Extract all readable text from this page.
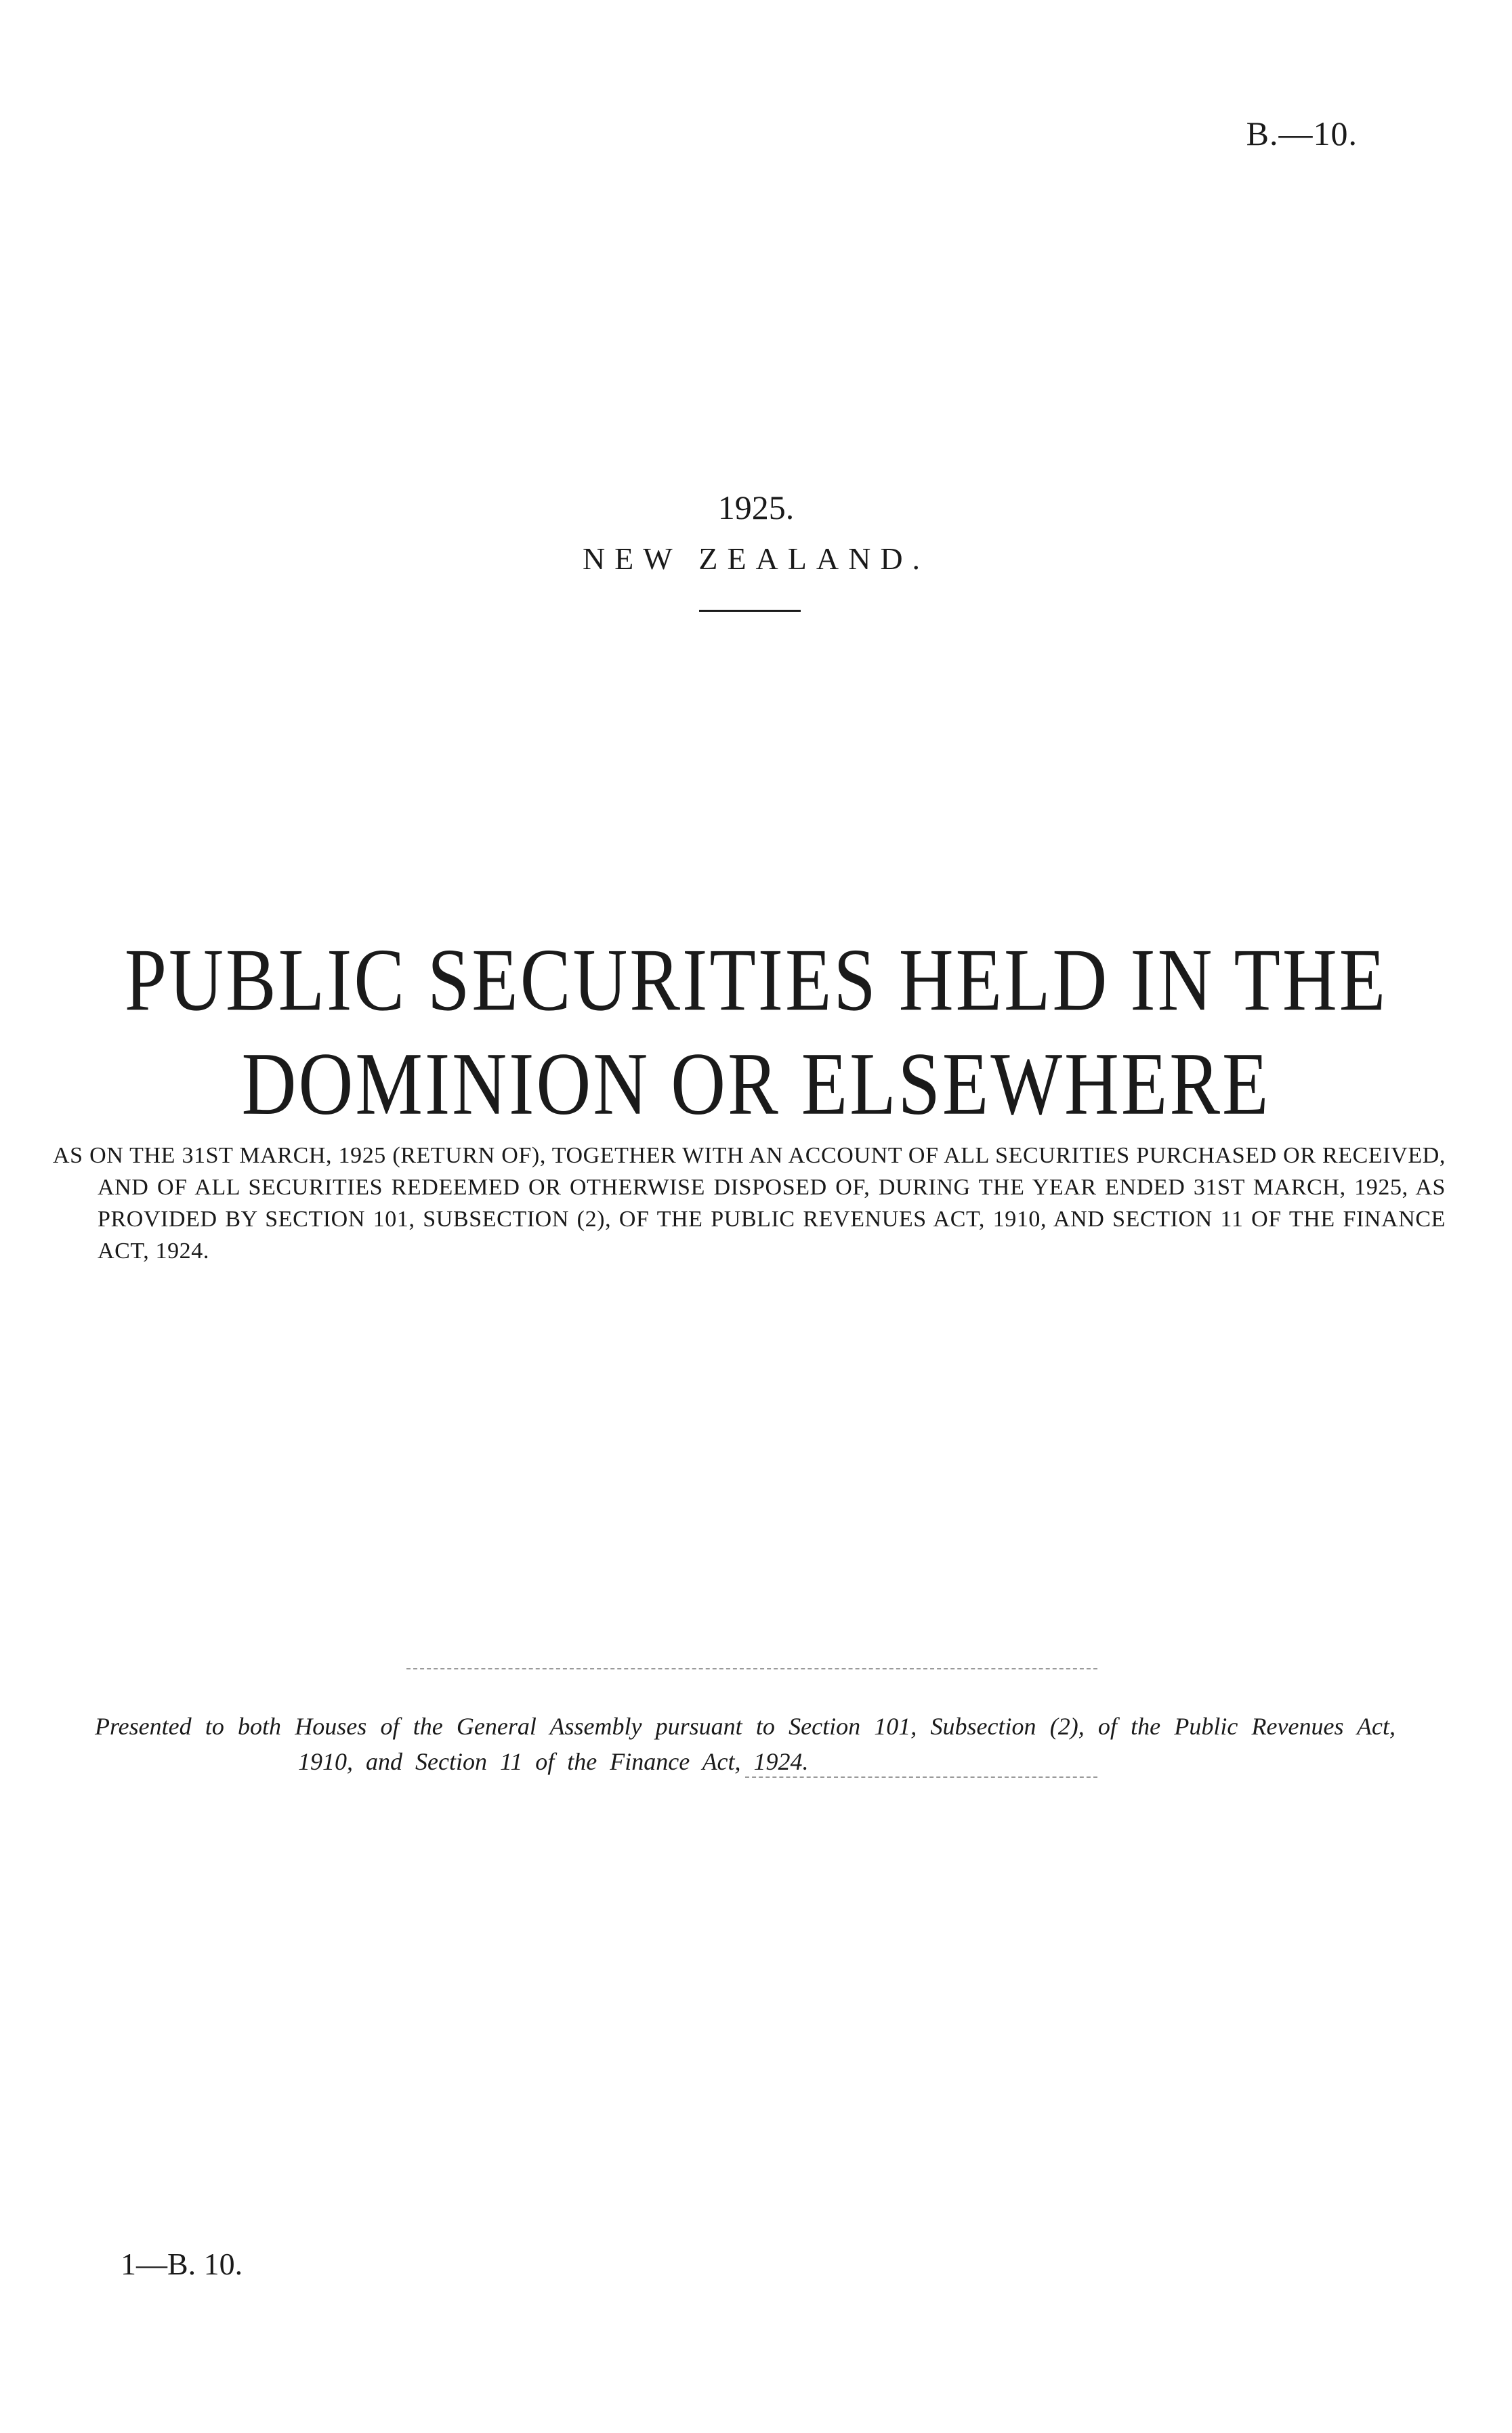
B.—10.
1925.
NEW ZEALAND.
PUBLIC SECURITIES HELD IN THE DOMINION OR ELSEWHERE

AS ON THE 31ST MARCH, 1925 (RETURN OF), TOGETHER WITH AN ACCOUNT OF ALL SECURITIES PURCHASED OR RECEIVED, AND OF ALL SECURITIES REDEEMED OR OTHERWISE DISPOSED OF, DURING THE YEAR ENDED 31ST MARCH, 1925, AS PROVIDED BY SECTION 101, SUBSECTION (2), OF THE PUBLIC REVENUES ACT, 1910, AND SECTION 11 OF THE FINANCE ACT, 1924.

Presented to both Houses of the General Assembly pursuant to Section 101, Subsection (2), of the Public Revenues Act, 1910, and Section 11 of the Finance Act, 1924.

1—B. 10.
